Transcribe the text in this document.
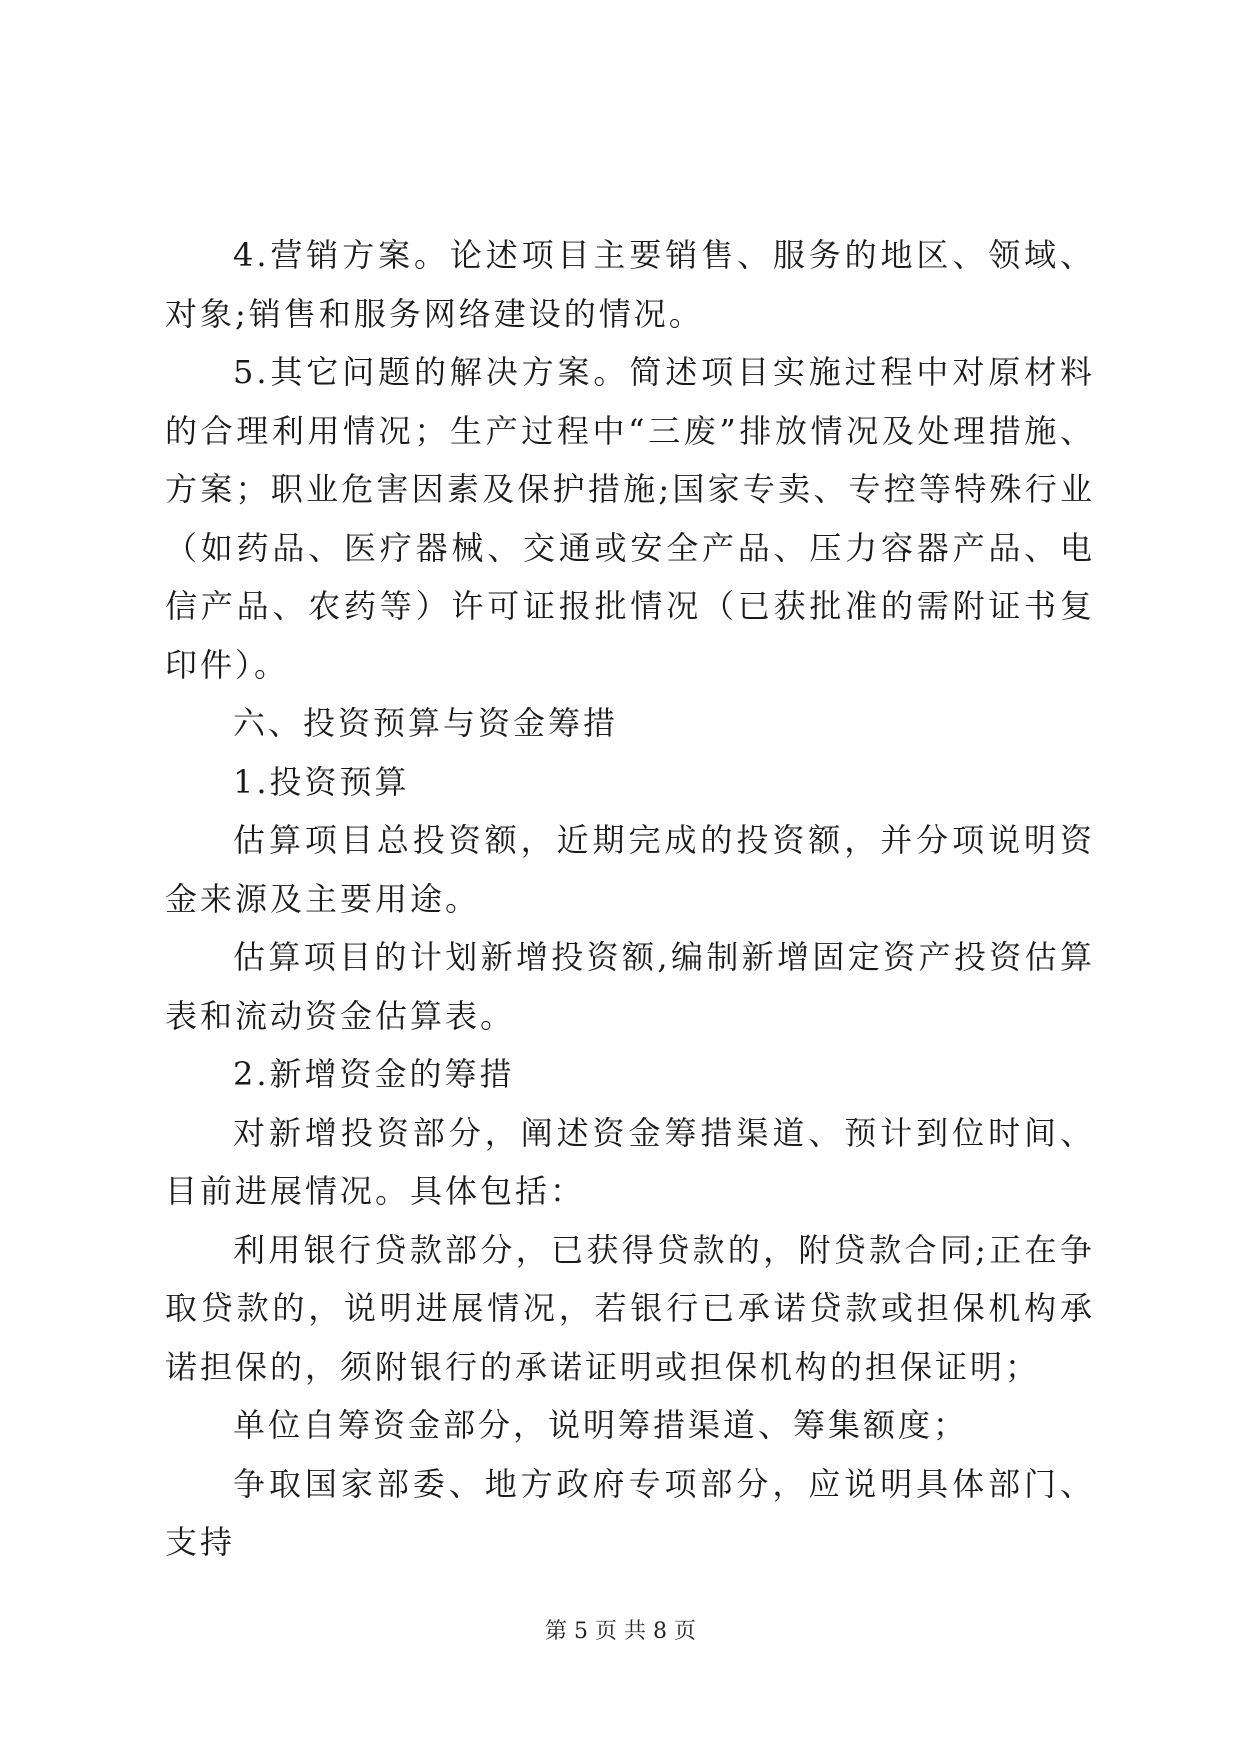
4.营销方案。论述项目主要销售、服务的地区、领域、对象;销售和服务网络建设的情况。

5.其它问题的解决方案。简述项目实施过程中对原材料的合理利用情况；生产过程中“三废”排放情况及处理措施、方案；职业危害因素及保护措施;国家专卖、专控等特殊行业（如药品、医疗器械、交通或安全产品、压力容器产品、电信产品、农药等）许可证报批情况（已获批准的需附证书复印件）。

六、投资预算与资金筹措

1.投资预算

估算项目总投资额，近期完成的投资额，并分项说明资金来源及主要用途。

估算项目的计划新增投资额,编制新增固定资产投资估算表和流动资金估算表。

2.新增资金的筹措

对新增投资部分，阐述资金筹措渠道、预计到位时间、目前进展情况。具体包括：

利用银行贷款部分，已获得贷款的，附贷款合同;正在争取贷款的，说明进展情况，若银行已承诺贷款或担保机构承诺担保的，须附银行的承诺证明或担保机构的担保证明；

单位自筹资金部分，说明筹措渠道、筹集额度；

争取国家部委、地方政府专项部分，应说明具体部门、支持

第 5 页 共 8 页
